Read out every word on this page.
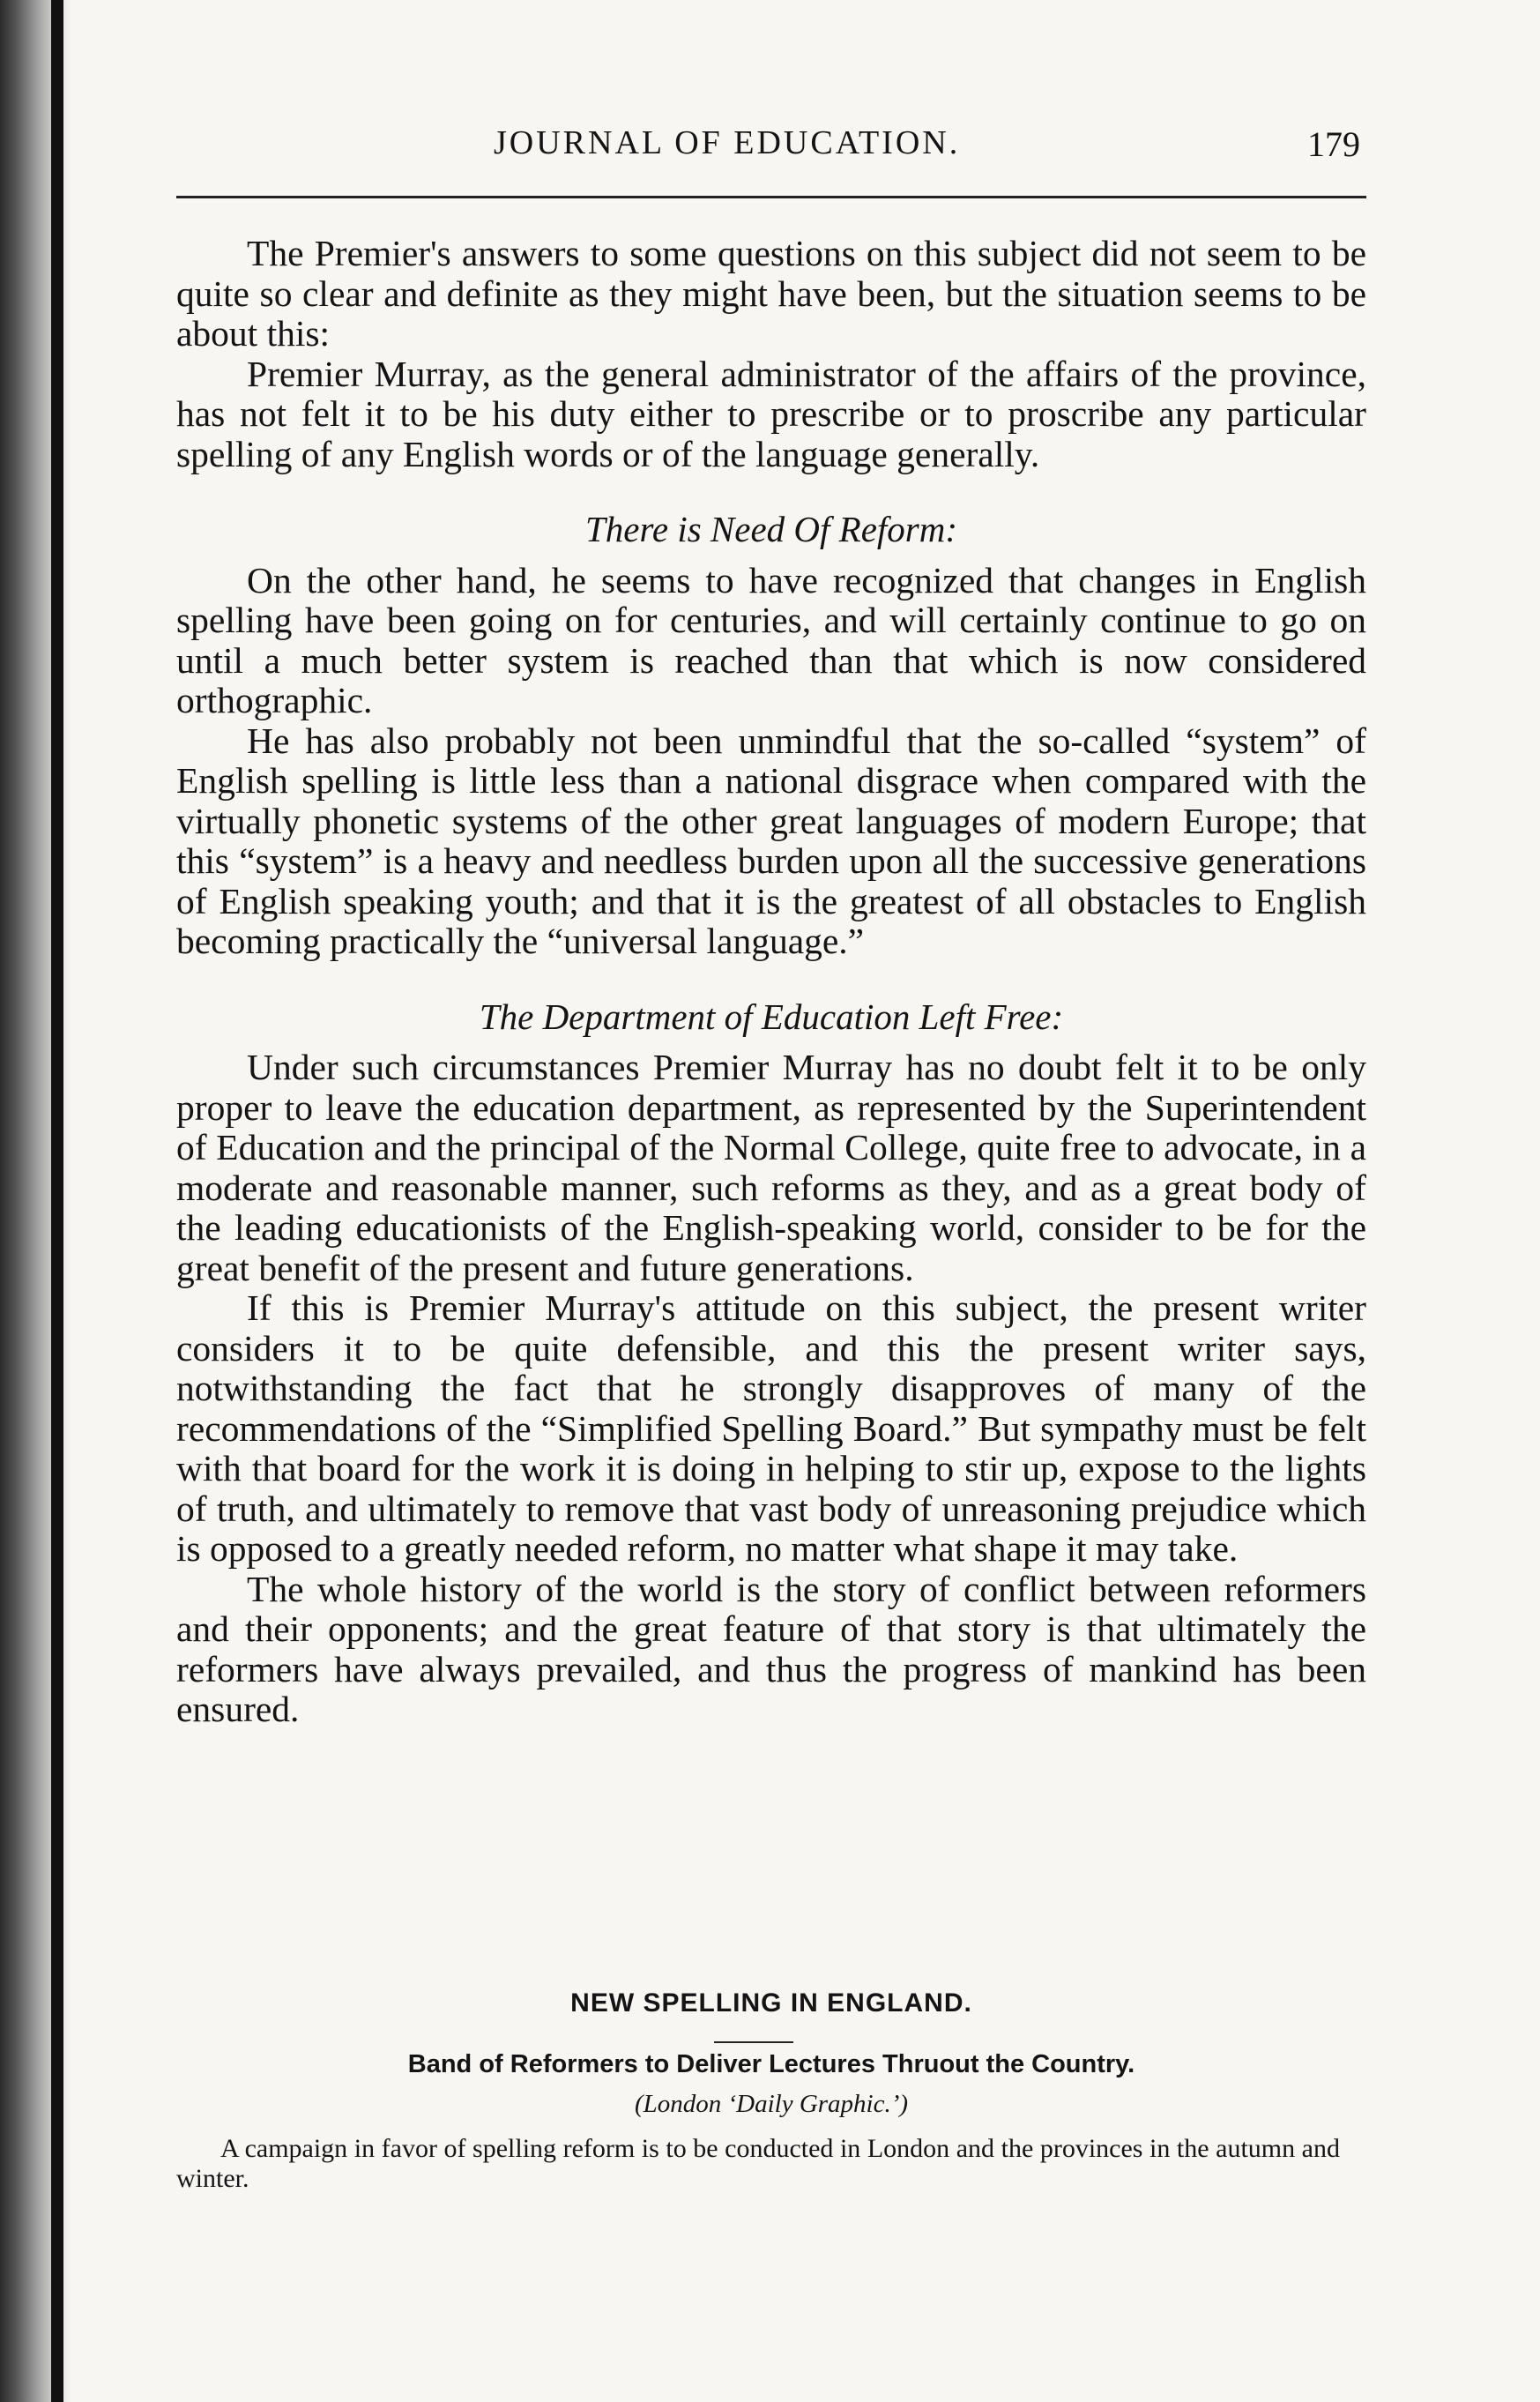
JOURNAL OF EDUCATION.	179

The Premier's answers to some questions on this subject did not seem to be quite so clear and definite as they might have been, but the situation seems to be about this:

Premier Murray, as the general administrator of the affairs of the province, has not felt it to be his duty either to prescribe or to proscribe any particular spelling of any English words or of the language generally.

There is Need Of Reform:

On the other hand, he seems to have recognized that changes in English spelling have been going on for centuries, and will certainly continue to go on until a much better system is reached than that which is now considered orthographic.

He has also probably not been unmindful that the so-called “system” of English spelling is little less than a national disgrace when compared with the virtually phonetic systems of the other great languages of modern Europe; that this “system” is a heavy and needless burden upon all the successive generations of English speaking youth; and that it is the greatest of all obstacles to English becoming practically the “universal language.”

The Department of Education Left Free:

Under such circumstances Premier Murray has no doubt felt it to be only proper to leave the education department, as represented by the Superintendent of Education and the principal of the Normal College, quite free to advocate, in a moderate and reasonable manner, such reforms as they, and as a great body of the leading educationists of the English-speaking world, consider to be for the great benefit of the present and future generations.

If this is Premier Murray's attitude on this subject, the present writer considers it to be quite defensible, and this the present writer says, notwithstanding the fact that he strongly disapproves of many of the recommendations of the “Simplified Spelling Board.” But sympathy must be felt with that board for the work it is doing in helping to stir up, expose to the lights of truth, and ultimately to remove that vast body of unreasoning prejudice which is opposed to a greatly needed reform, no matter what shape it may take.

The whole history of the world is the story of conflict between reformers and their opponents; and the great feature of that story is that ultimately the reformers have always prevailed, and thus the progress of mankind has been ensured.

NEW SPELLING IN ENGLAND.
Band of Reformers to Deliver Lectures Thruout the Country.
(London ‘Daily Graphic.’)
A campaign in favor of spelling reform is to be conducted in London and the provinces in the autumn and winter.
